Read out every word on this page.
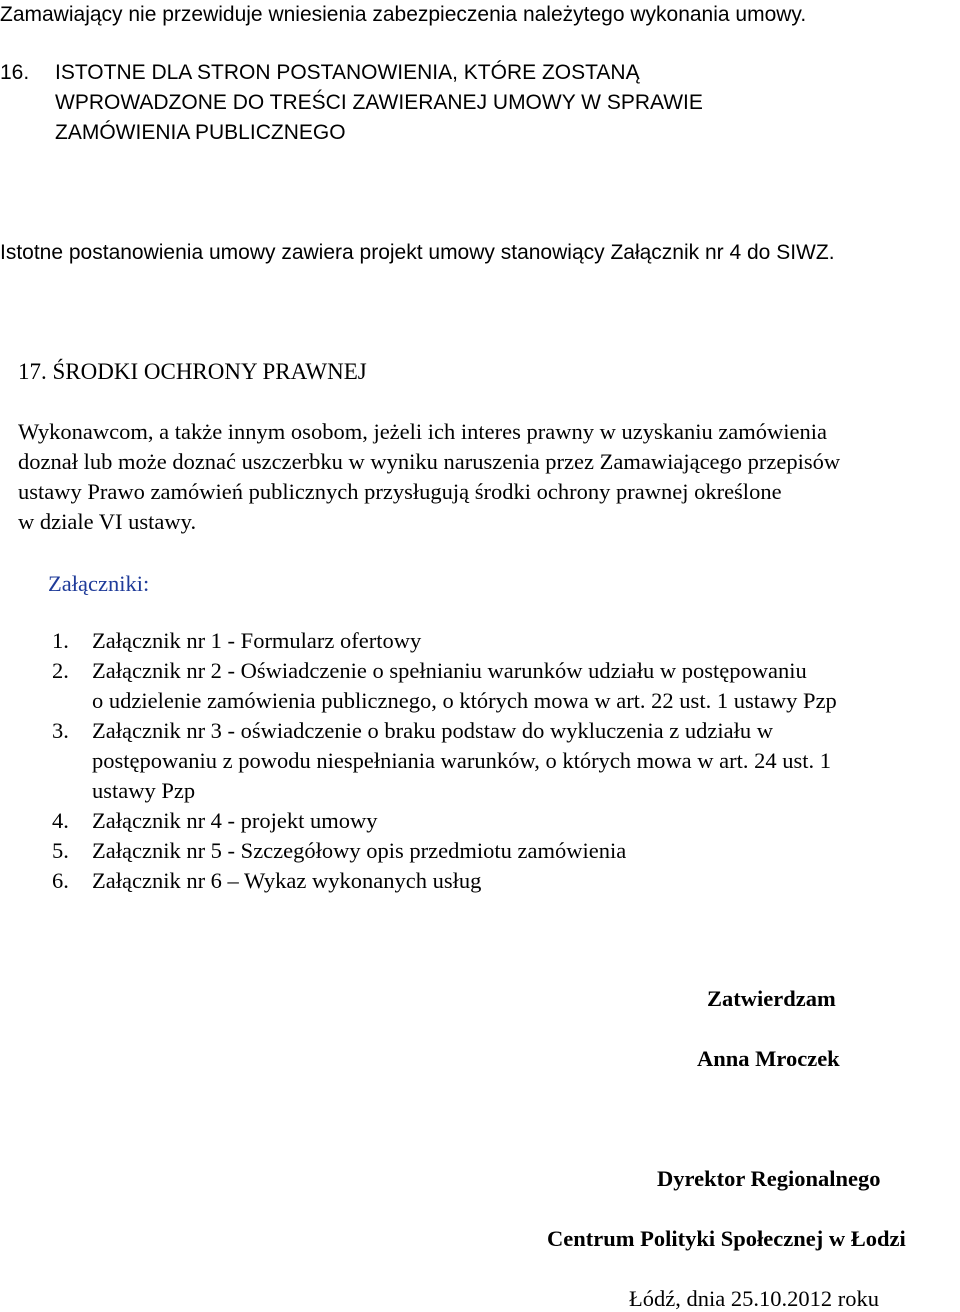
Zamawiający nie przewiduje wniesienia zabezpieczenia należytego wykonania umowy.
16. ISTOTNE DLA STRON POSTANOWIENIA, KTÓRE ZOSTANĄ
WPROWADZONE DO TREŚCI ZAWIERANEJ UMOWY W SPRAWIE
ZAMÓWIENIA PUBLICZNEGO
Istotne postanowienia umowy zawiera projekt umowy stanowiący Załącznik nr 4 do SIWZ.
17. ŚRODKI OCHRONY PRAWNEJ
Wykonawcom, a także innym osobom, jeżeli ich interes prawny w uzyskaniu zamówienia
doznał lub może doznać uszczerbku w wyniku naruszenia przez Zamawiającego przepisów
ustawy Prawo zamówień publicznych przysługują środki ochrony prawnej określone
w dziale VI ustawy.
Załączniki:
1. Załącznik nr 1 - Formularz ofertowy
2. Załącznik nr 2 - Oświadczenie o spełnianiu warunków udziału w postępowaniu
o udzielenie zamówienia publicznego, o których mowa w art. 22 ust. 1 ustawy Pzp
3. Załącznik nr 3 - oświadczenie o braku podstaw do wykluczenia z udziału w
postępowaniu z powodu niespełniania warunków, o których mowa w art. 24 ust. 1
ustawy Pzp
4. Załącznik nr 4 - projekt umowy
5. Załącznik nr 5 - Szczegółowy opis przedmiotu zamówienia
6. Załącznik nr 6 – Wykaz wykonanych usług
Zatwierdzam
Anna Mroczek
Dyrektor Regionalnego
Centrum Polityki Społecznej w Łodzi
Łódź, dnia 25.10.2012 roku
